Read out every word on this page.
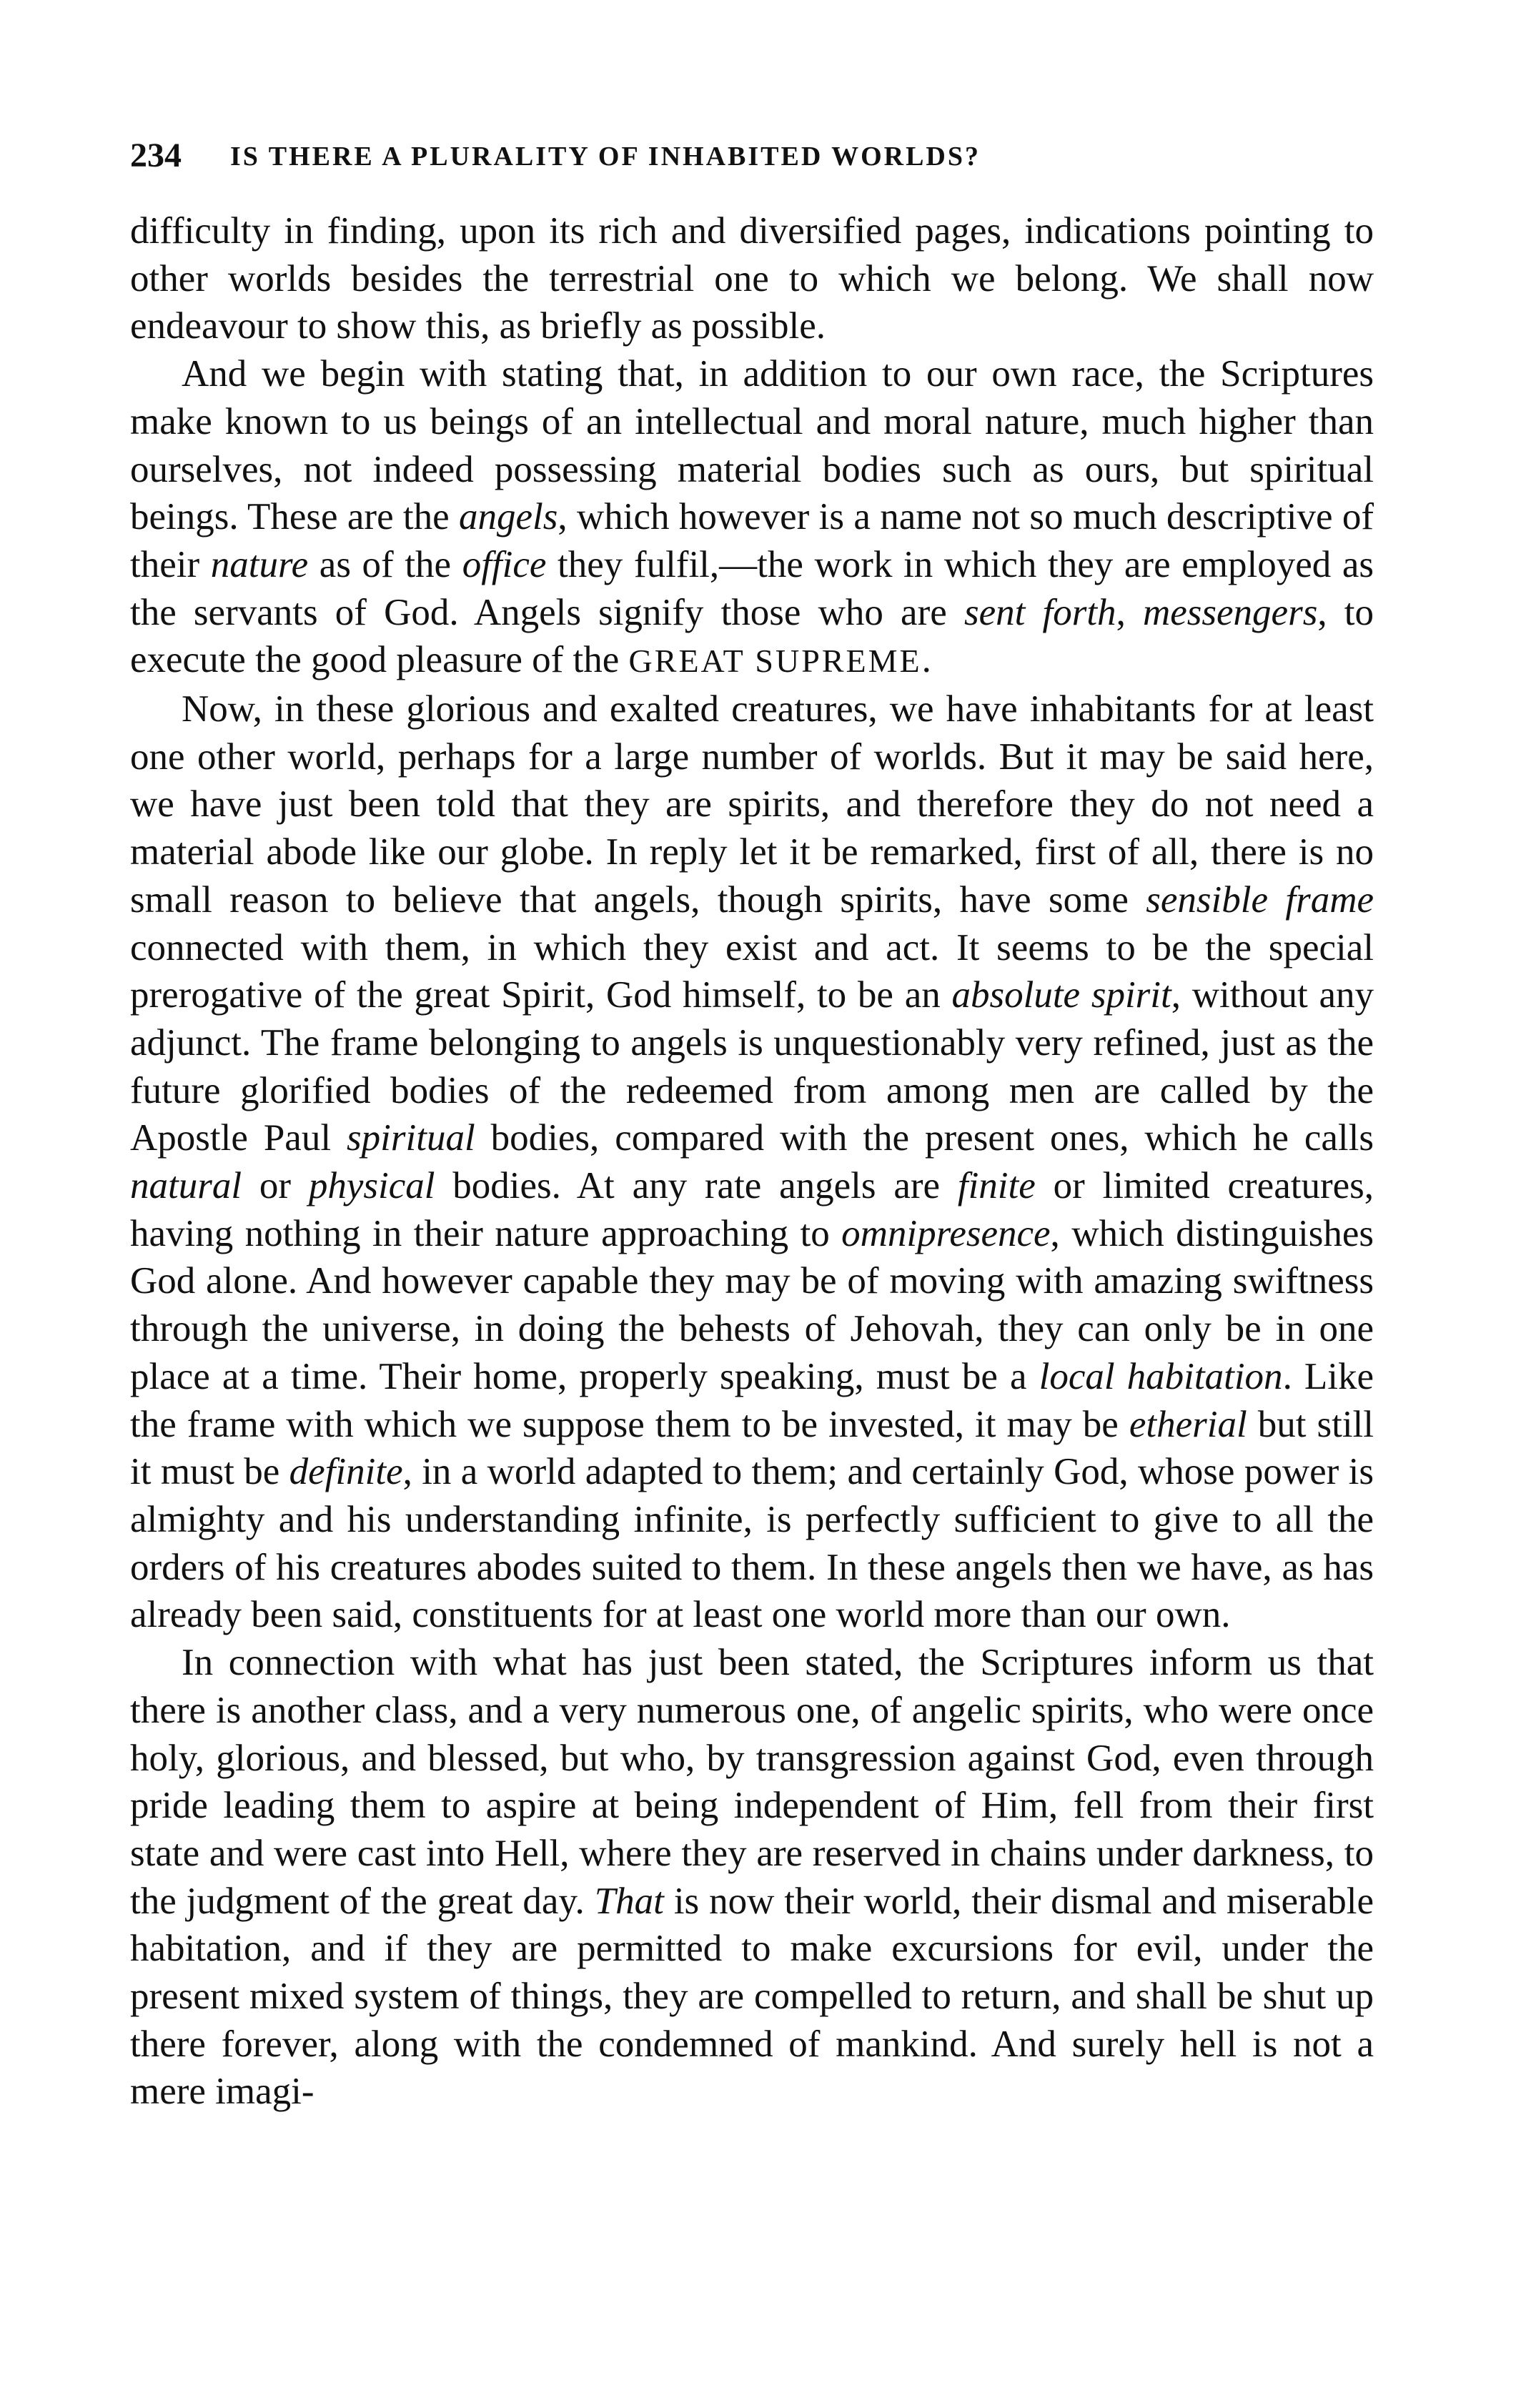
234 IS THERE A PLURALITY OF INHABITED WORLDS?

difficulty in finding, upon its rich and diversified pages, indications pointing to other worlds besides the terrestrial one to which we belong. We shall now endeavour to show this, as briefly as possible.

And we begin with stating that, in addition to our own race, the Scriptures make known to us beings of an intellectual and moral nature, much higher than ourselves, not indeed possessing material bodies such as ours, but spiritual beings. These are the angels, which however is a name not so much descriptive of their nature as of the office they fulfil,—the work in which they are employed as the servants of God. Angels signify those who are sent forth, messengers, to execute the good pleasure of the GREAT SUPREME.

Now, in these glorious and exalted creatures, we have inhabitants for at least one other world, perhaps for a large number of worlds. But it may be said here, we have just been told that they are spirits, and therefore they do not need a material abode like our globe. In reply let it be remarked, first of all, there is no small reason to believe that angels, though spirits, have some sensible frame connected with them, in which they exist and act. It seems to be the special prerogative of the great Spirit, God himself, to be an absolute spirit, without any adjunct. The frame belonging to angels is unquestionably very refined, just as the future glorified bodies of the redeemed from among men are called by the Apostle Paul spiritual bodies, compared with the present ones, which he calls natural or physical bodies. At any rate angels are finite or limited creatures, having nothing in their nature approaching to omnipresence, which distinguishes God alone. And however capable they may be of moving with amazing swiftness through the universe, in doing the behests of Jehovah, they can only be in one place at a time. Their home, properly speaking, must be a local habitation. Like the frame with which we suppose them to be invested, it may be etherial but still it must be definite, in a world adapted to them; and certainly God, whose power is almighty and his understanding infinite, is perfectly sufficient to give to all the orders of his creatures abodes suited to them. In these angels then we have, as has already been said, constituents for at least one world more than our own.

In connection with what has just been stated, the Scriptures inform us that there is another class, and a very numerous one, of angelic spirits, who were once holy, glorious, and blessed, but who, by transgression against God, even through pride leading them to aspire at being independent of Him, fell from their first state and were cast into Hell, where they are reserved in chains under darkness, to the judgment of the great day. That is now their world, their dismal and miserable habitation, and if they are permitted to make excursions for evil, under the present mixed system of things, they are compelled to return, and shall be shut up there forever, along with the condemned of mankind. And surely hell is not a mere imagi-
